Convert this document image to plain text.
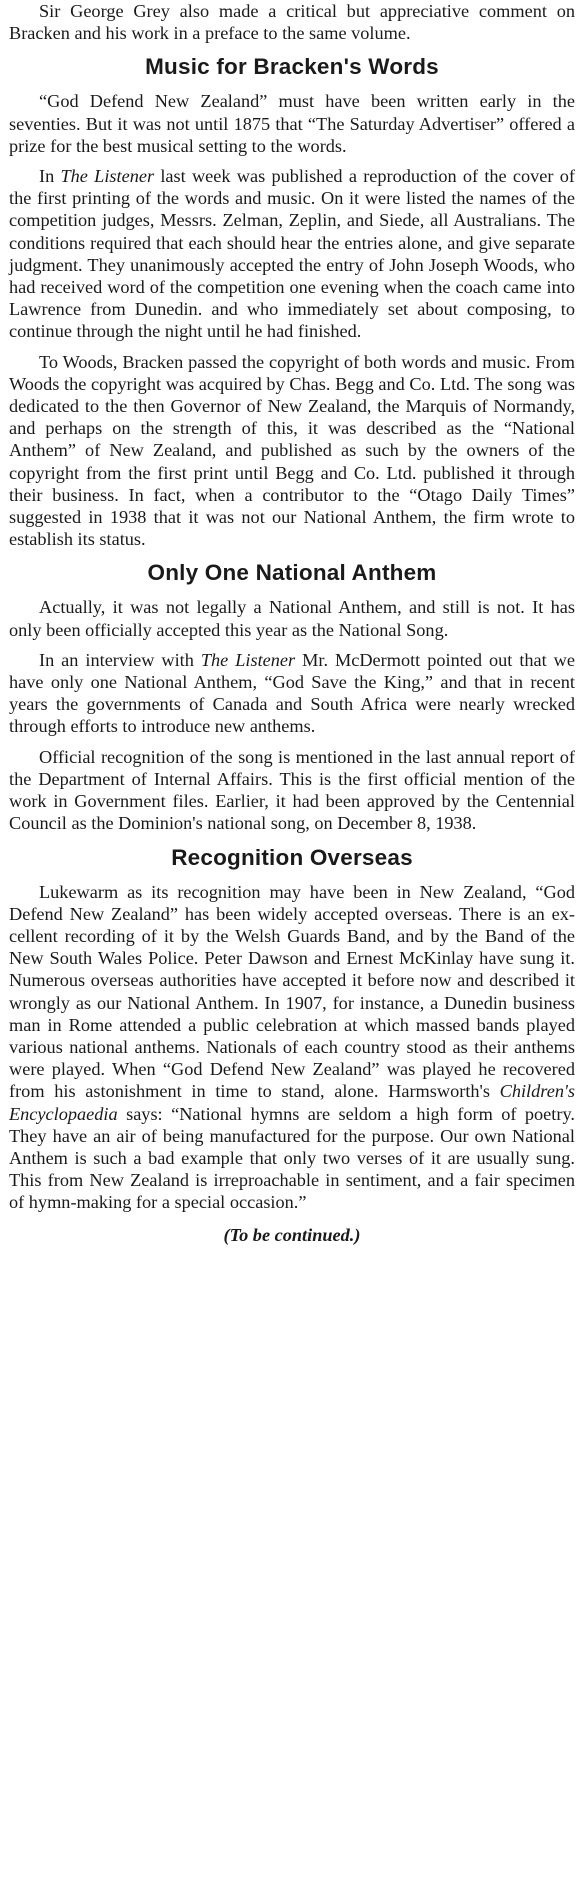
Sir George Grey also made a critical but appreciative comment on Bracken and his work in a preface to the same volume.

Music for Bracken's Words

“God Defend New Zealand” must have been written early in the seventies. But it was not until 1875 that “The Saturday Advertiser” offered a prize for the best musical setting to the words.

In The Listener last week was published a reproduction of the cover of the first printing of the words and music. On it were listed the names of the competition judges, Messrs. Zelman, Zeplin, and Siede, all Australians. The conditions required that each should hear the entries alone, and give separate judgment. They unanimously accepted the entry of John Joseph Woods, who had received word of the competition one evening when the coach came into Lawrence from Dunedin. and who immediately set about composing, to continue through the night until he had finished.

To Woods, Bracken passed the copyright of both words and music. From Woods the copyright was acquired by Chas. Begg and Co. Ltd. The song was dedicated to the then Governor of New Zealand, the Marquis of Normandy, and perhaps on the strength of this, it was described as the “National Anthem” of New Zealand, and published as such by the owners of the copyright from the first print until Begg and Co. Ltd. published it through their business. In fact, when a contributor to the “Otago Daily Times” suggested in 1938 that it was not our National Anthem, the firm wrote to establish its status.

Only One National Anthem

Actually, it was not legally a National Anthem, and still is not. It has only been officially accepted this year as the National Song.

In an interview with The Listener Mr. McDermott pointed out that we have only one National Anthem, “God Save the King,” and that in recent years the governments of Canada and South Africa were nearly wrecked through efforts to introduce new anthems.

Official recognition of the song is mentioned in the last annual report of the Department of Internal Affairs. This is the first official mention of the work in Government files. Earlier, it had been approved by the Centennial Council as the Dominion's national song, on December 8, 1938.

Recognition Overseas

Lukewarm as its recognition may have been in New Zealand, “God Defend New Zealand” has been widely accepted overseas. There is an excellent recording of it by the Welsh Guards Band, and by the Band of the New South Wales Police. Peter Dawson and Ernest McKinlay have sung it. Numerous overseas authorities have accepted it before now and described it wrongly as our National Anthem. In 1907, for instance, a Dunedin business man in Rome attended a public celebration at which massed bands played various national anthems. Nationals of each country stood as their anthems were played. When “God Defend New Zealand” was played he recovered from his astonishment in time to stand, alone. Harmsworth's Children's Encyclopaedia says: “National hymns are seldom a high form of poetry. They have an air of being manufactured for the purpose. Our own National Anthem is such a bad example that only two verses of it are usually sung. This from New Zealand is irreproachable in sentiment, and a fair specimen of hymn-making for a special occasion.”

(To be continued.)
